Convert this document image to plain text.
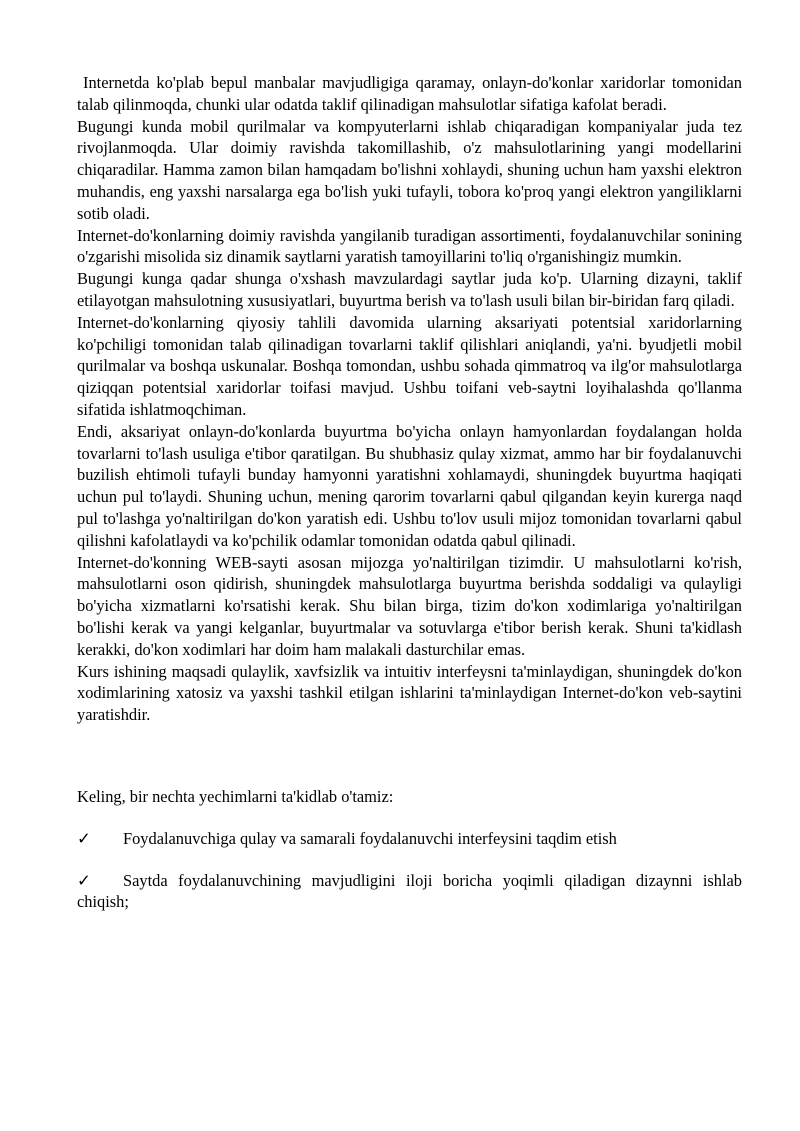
Internetda ko'plab bepul manbalar mavjudligiga qaramay, onlayn-do'konlar xaridorlar tomonidan talab qilinmoqda, chunki ular odatda taklif qilinadigan mahsulotlar sifatiga kafolat beradi.

Bugungi kunda mobil qurilmalar va kompyuterlarni ishlab chiqaradigan kompaniyalar juda tez rivojlanmoqda. Ular doimiy ravishda takomillashib, o'z mahsulotlarining yangi modellarini chiqaradilar. Hamma zamon bilan hamqadam bo'lishni xohlaydi, shuning uchun ham yaxshi elektron muhandis, eng yaxshi narsalarga ega bo'lish yuki tufayli, tobora ko'proq yangi elektron yangiliklarni sotib oladi.

Internet-do'konlarning doimiy ravishda yangilanib turadigan assortimenti, foydalanuvchilar sonining o'zgarishi misolida siz dinamik saytlarni yaratish tamoyillarini to'liq o'rganishingiz mumkin.

Bugungi kunga qadar shunga o'xshash mavzulardagi saytlar juda ko'p. Ularning dizayni, taklif etilayotgan mahsulotning xususiyatlari, buyurtma berish va to'lash usuli bilan bir-biridan farq qiladi.

Internet-do'konlarning qiyosiy tahlili davomida ularning aksariyati potentsial xaridorlarning ko'pchiligi tomonidan talab qilinadigan tovarlarni taklif qilishlari aniqlandi, ya'ni. byudjetli mobil qurilmalar va boshqa uskunalar. Boshqa tomondan, ushbu sohada qimmatroq va ilg'or mahsulotlarga qiziqqan potentsial xaridorlar toifasi mavjud. Ushbu toifani veb-saytni loyihalashda qo'llanma sifatida ishlatmoqchiman.

Endi, aksariyat onlayn-do'konlarda buyurtma bo'yicha onlayn hamyonlardan foydalangan holda tovarlarni to'lash usuliga e'tibor qaratilgan. Bu shubhasiz qulay xizmat, ammo har bir foydalanuvchi buzilish ehtimoli tufayli bunday hamyonni yaratishni xohlamaydi, shuningdek buyurtma haqiqati uchun pul to'laydi. Shuning uchun, mening qarorim tovarlarni qabul qilgandan keyin kurerga naqd pul to'lashga yo'naltirilgan do'kon yaratish edi. Ushbu to'lov usuli mijoz tomonidan tovarlarni qabul qilishni kafolatlaydi va ko'pchilik odamlar tomonidan odatda qabul qilinadi.

Internet-do'konning WEB-sayti asosan mijozga yo'naltirilgan tizimdir. U mahsulotlarni ko'rish, mahsulotlarni oson qidirish, shuningdek mahsulotlarga buyurtma berishda soddaligi va qulayligi bo'yicha xizmatlarni ko'rsatishi kerak. Shu bilan birga, tizim do'kon xodimlariga yo'naltirilgan bo'lishi kerak va yangi kelganlar, buyurtmalar va sotuvlarga e'tibor berish kerak. Shuni ta'kidlash kerakki, do'kon xodimlari har doim ham malakali dasturchilar emas.

Kurs ishining maqsadi qulaylik, xavfsizlik va intuitiv interfeysni ta'minlaydigan, shuningdek do'kon xodimlarining xatosiz va yaxshi tashkil etilgan ishlarini ta'minlaydigan Internet-do'kon veb-saytini yaratishdir.

Keling, bir nechta yechimlarni ta'kidlab o'tamiz:

✓ Foydalanuvchiga qulay va samarali foydalanuvchi interfeysini taqdim etish

✓ Saytda foydalanuvchining mavjudligini iloji boricha yoqimli qiladigan dizaynni ishlab chiqish;
